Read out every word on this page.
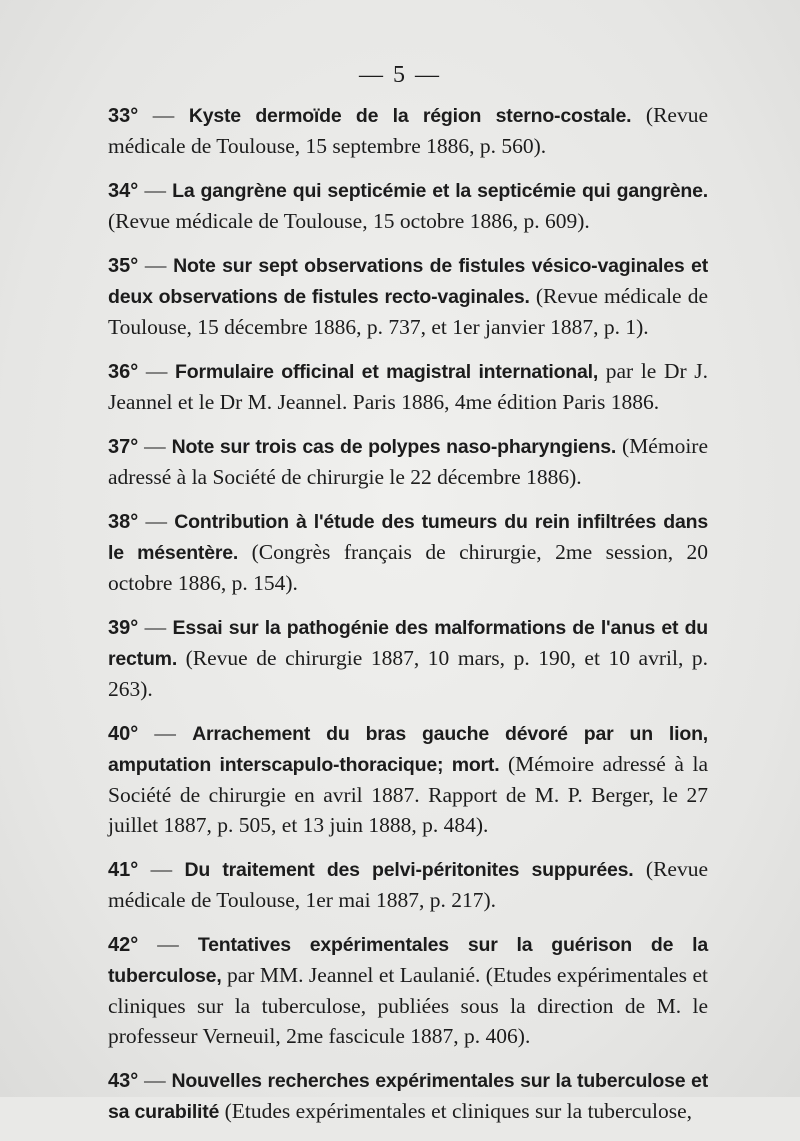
— 5 —
33° — Kyste dermoïde de la région sterno-costale. (Revue médicale de Toulouse, 15 septembre 1886, p. 560).
34° — La gangrène qui septicémie et la septicémie qui gangrène. (Revue médicale de Toulouse, 15 octobre 1886, p. 609).
35° — Note sur sept observations de fistules vésico-vaginales et deux observations de fistules recto-vaginales. (Revue médicale de Toulouse, 15 décembre 1886, p. 737, et 1er janvier 1887, p. 1).
36° — Formulaire officinal et magistral international, par le Dr J. Jeannel et le Dr M. Jeannel. Paris 1886, 4me édition Paris 1886.
37° — Note sur trois cas de polypes naso-pharyngiens. (Mémoire adressé à la Société de chirurgie le 22 décembre 1886).
38° — Contribution à l'étude des tumeurs du rein infiltrées dans le mésentère. (Congrès français de chirurgie, 2me session, 20 octobre 1886, p. 154).
39° — Essai sur la pathogénie des malformations de l'anus et du rectum. (Revue de chirurgie 1887, 10 mars, p. 190, et 10 avril, p. 263).
40° — Arrachement du bras gauche dévoré par un lion, amputation interscapulo-thoracique; mort. (Mémoire adressé à la Société de chirurgie en avril 1887. Rapport de M. P. Berger, le 27 juillet 1887, p. 505, et 13 juin 1888, p. 484).
41° — Du traitement des pelvi-péritonites suppurées. (Revue médicale de Toulouse, 1er mai 1887, p. 217).
42° — Tentatives expérimentales sur la guérison de la tuberculose, par MM. Jeannel et Laulanié. (Etudes expérimentales et cliniques sur la tuberculose, publiées sous la direction de M. le professeur Verneuil, 2me fascicule 1887, p. 406).
43° — Nouvelles recherches expérimentales sur la tuberculose et sa curabilité (Etudes expérimentales et cliniques sur la tuberculose,
